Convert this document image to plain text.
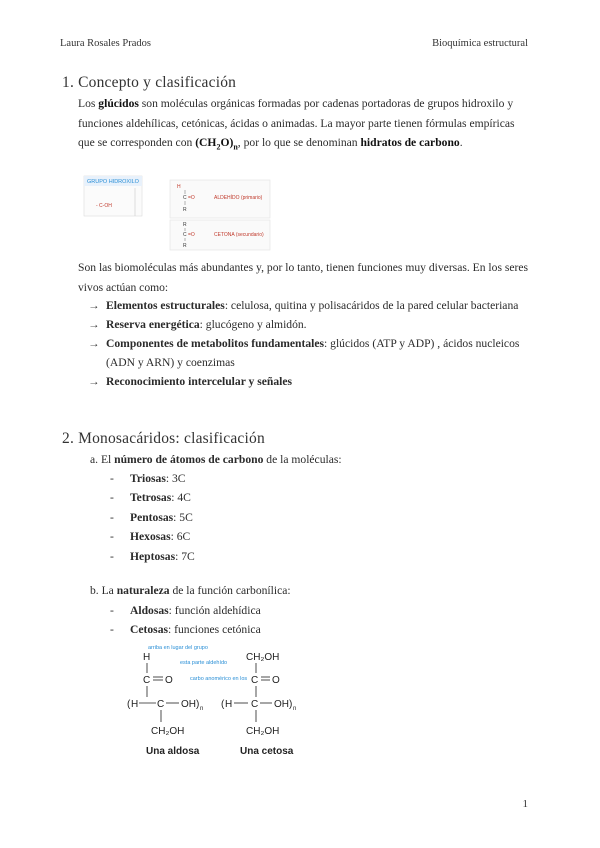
Laura Rosales Prados	Bioquímica estructural
1. Concepto y clasificación
Los glúcidos son moléculas orgánicas formadas por cadenas portadoras de grupos hidroxilo y funciones aldehílicas, cetónicas, ácidas o animadas. La mayor parte tienen fórmulas empíricas que se corresponden con $(CH_2O)_n$, por lo que se denominan hidratos de carbono.
GRUPO HIDROXILO
- C-OH
H
C =O
R
ALDEHÍDO (primario)
R
C =O
R
CETONA (secundario)
Son las biomoléculas más abundantes y, por lo tanto, tienen funciones muy diversas. En los seres vivos actúan como:
→ Elementos estructurales: celulosa, quitina y polisacáridos de la pared celular bacteriana
→ Reserva energética: glucógeno y almidón.
→ Componentes de metabolitos fundamentales: glúcidos (ATP y ADP) , ácidos nucleicos (ADN y ARN) y coenzimas
→ Reconocimiento intercelular y señales
2. Monosacáridos: clasificación
a. El número de átomos de carbono de la moléculas:
-	Triosas: 3C
-	Tetrosas: 4C
-	Pentosas: 5C
-	Hexosas: 6C
-	Heptosas: 7C
b. La naturaleza de la función carbonílica:
-	Aldosas: función aldehídica
-	Cetosas: funciones cetónica
arriba en lugar del grupo
H
C O
esta parte aldehído
( H C OH ) n
CH₂OH
Una aldosa
CH₂OH
carbo anomérico en los C O
( H C OH ) n
CH₂OH
Una cetosa
1
